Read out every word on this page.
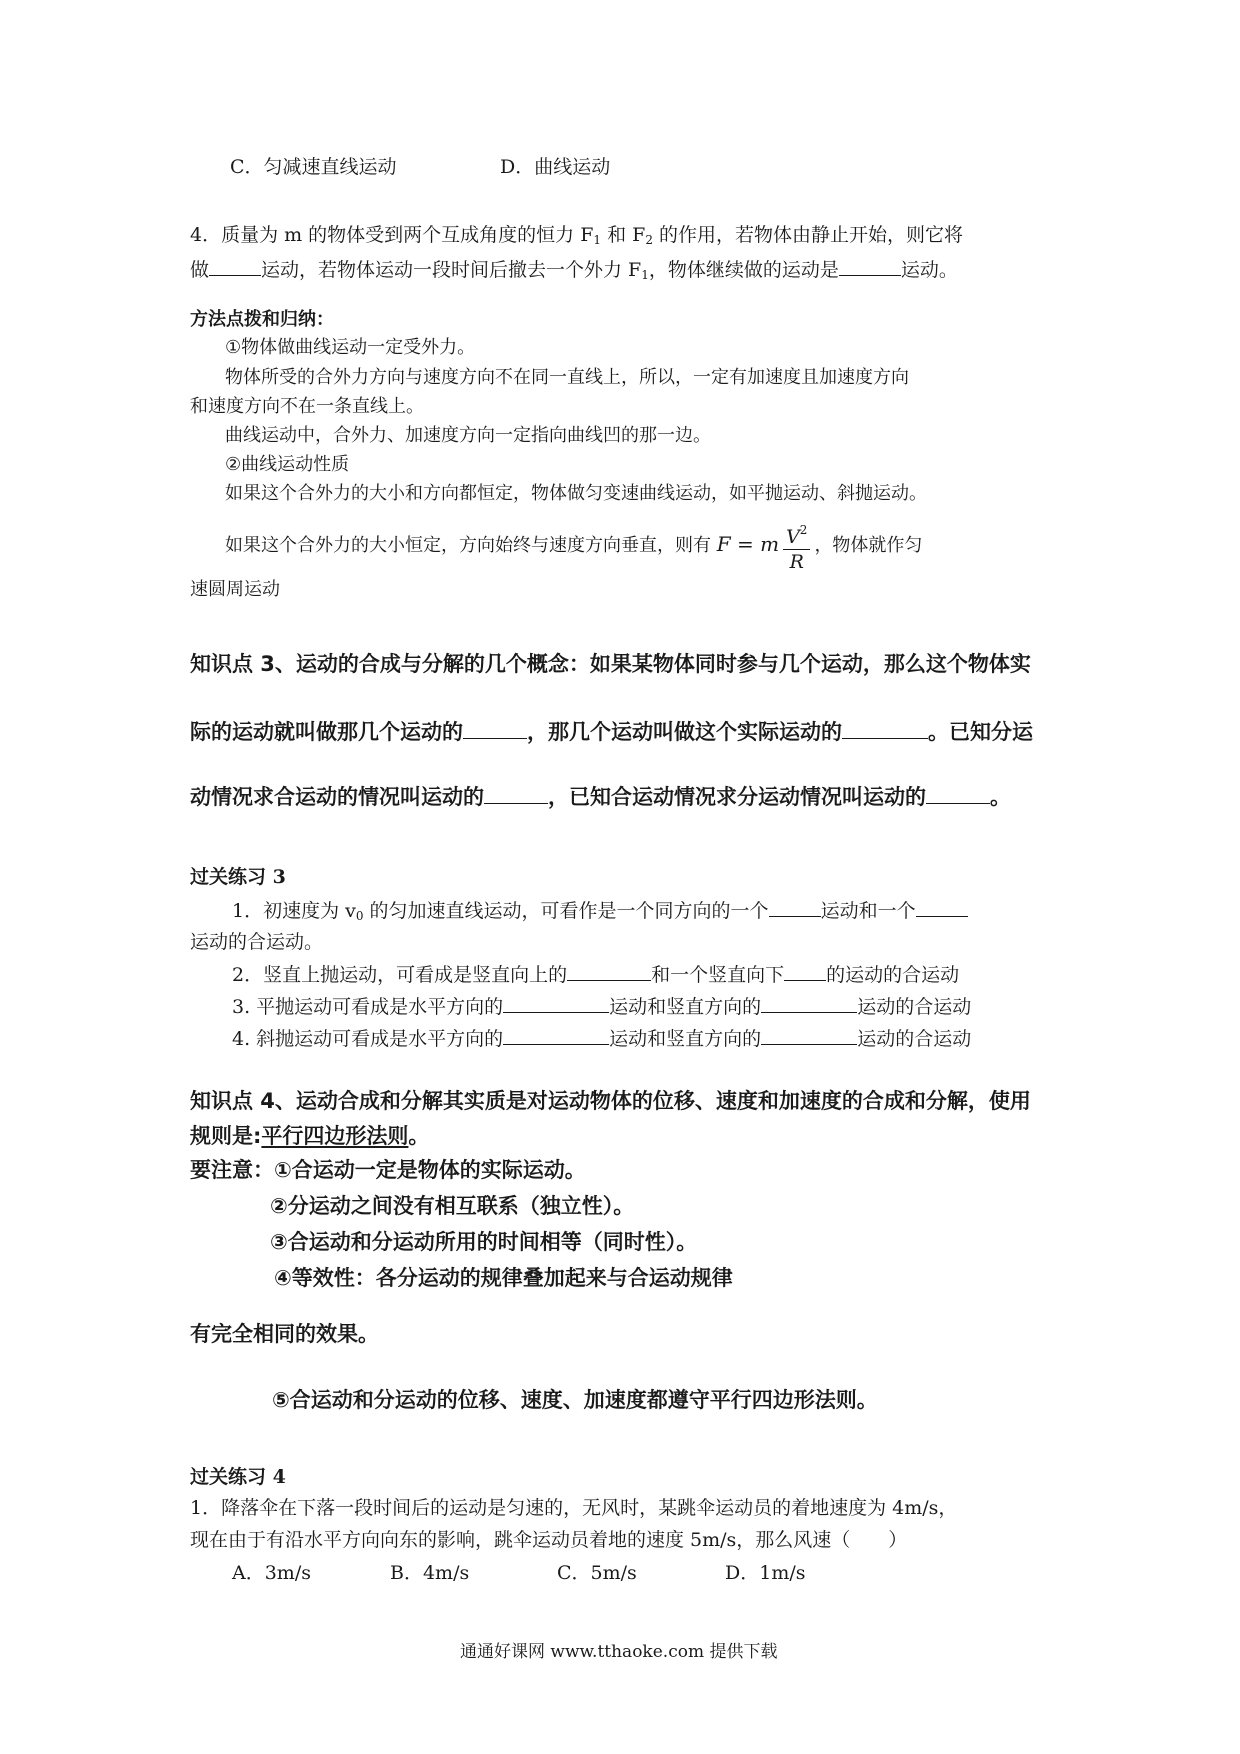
C．匀减速直线运动	D．曲线运动
4．质量为 m 的物体受到两个互成角度的恒力 $F_1$ 和 $F_2$ 的作用，若物体由静止开始，则它将
做	运动，若物体运动一段时间后撤去一个外力 $F_1$，物体继续做的运动是	运动。
方法点拨和归纳：
①物体做曲线运动一定受外力。
物体所受的合外力方向与速度方向不在同一直线上，所以，一定有加速度且加速度方向
和速度方向不在一条直线上。
曲线运动中，合外力、加速度方向一定指向曲线凹的那一边。
②曲线运动性质
如果这个合外力的大小和方向都恒定，物体做匀变速曲线运动，如平抛运动、斜抛运动。
如果这个合外力的大小恒定，方向始终与速度方向垂直，则有 F = m $\frac{V^2}{R}$ ，物体就作匀
速圆周运动
知识点 3、运动的合成与分解的几个概念：如果某物体同时参与几个运动，那么这个物体实
际的运动就叫做那几个运动的	，那几个运动叫做这个实际运动的	。已知分运
动情况求合运动的情况叫运动的	，已知合运动情况求分运动情况叫运动的	。
过关练习 3
1．初速度为 $v_0$ 的匀加速直线运动，可看作是一个同方向的一个	运动和一个
运动的合运动。
2．竖直上抛运动，可看成是竖直向上的	和一个竖直向下 的运动的合运动
3. 平抛运动可看成是水平方向的	运动和竖直方向的	运动的合运动
4. 斜抛运动可看成是水平方向的	运动和竖直方向的	运动的合运动
知识点 4、运动合成和分解其实质是对运动物体的位移、速度和加速度的合成和分解，使用
规则是:平行四边形法则。
要注意：①合运动一定是物体的实际运动。
②分运动之间没有相互联系（独立性）。
③合运动和分运动所用的时间相等（同时性）。
④等效性：各分运动的规律叠加起来与合运动规律
有完全相同的效果。
⑤合运动和分运动的位移、速度、加速度都遵守平行四边形法则。
过关练习 4
1．降落伞在下落一段时间后的运动是匀速的，无风时，某跳伞运动员的着地速度为 4m/s，
现在由于有沿水平方向向东的影响，跳伞运动员着地的速度 5m/s，那么风速（　　）
A．3m/s	B．4m/s	C．5m/s	D．1m/s
通通好课网 www.tthaoke.com 提供下载
